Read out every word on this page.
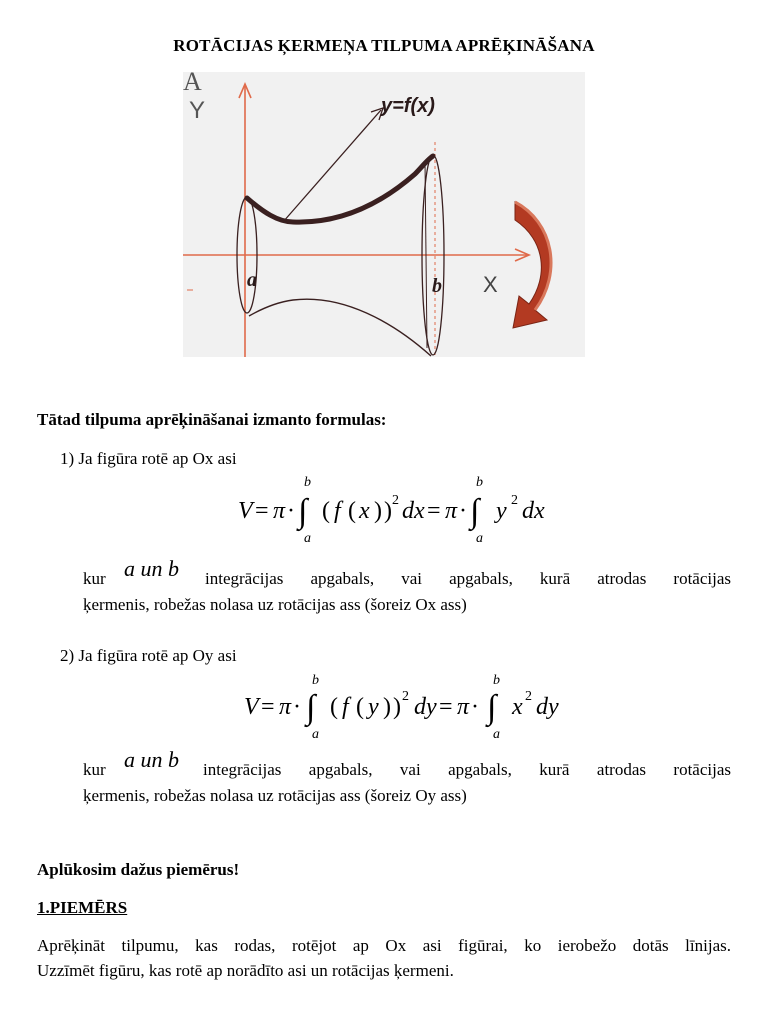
ROTĀCIJAS ĶERMEŅA TILPUMA APRĒĶINĀŠANA
A
Y	y=f(x)
a	b X
Tātad tilpuma aprēķināšanai izmanto formulas:
1) Ja figūra rotē ap Ox asi
V = π ·
b
∫
a
( f ( x ) ) 2 dx = π ·
b
∫
a
y 2 dx
kur a un b integrācijas apgabals, vai apgabals, kurā atrodas rotācijas
ķermenis, robežas nolasa uz rotācijas ass (šoreiz Ox ass)
2) Ja figūra rotē ap Oy asi
V = π ·
b
∫
a
( f ( y ) ) 2 dy = π ·
b
∫
a
x 2 dy
kur a un b integrācijas apgabals, vai apgabals, kurā atrodas rotācijas
ķermenis, robežas nolasa uz rotācijas ass (šoreiz Oy ass)
Aplūkosim dažus piemērus!
1.PIEMĒRS
Aprēķināt tilpumu, kas rodas, rotējot ap Ox asi figūrai, ko ierobežo dotās līnijas.
Uzzīmēt figūru, kas rotē ap norādīto asi un rotācijas ķermeni.
